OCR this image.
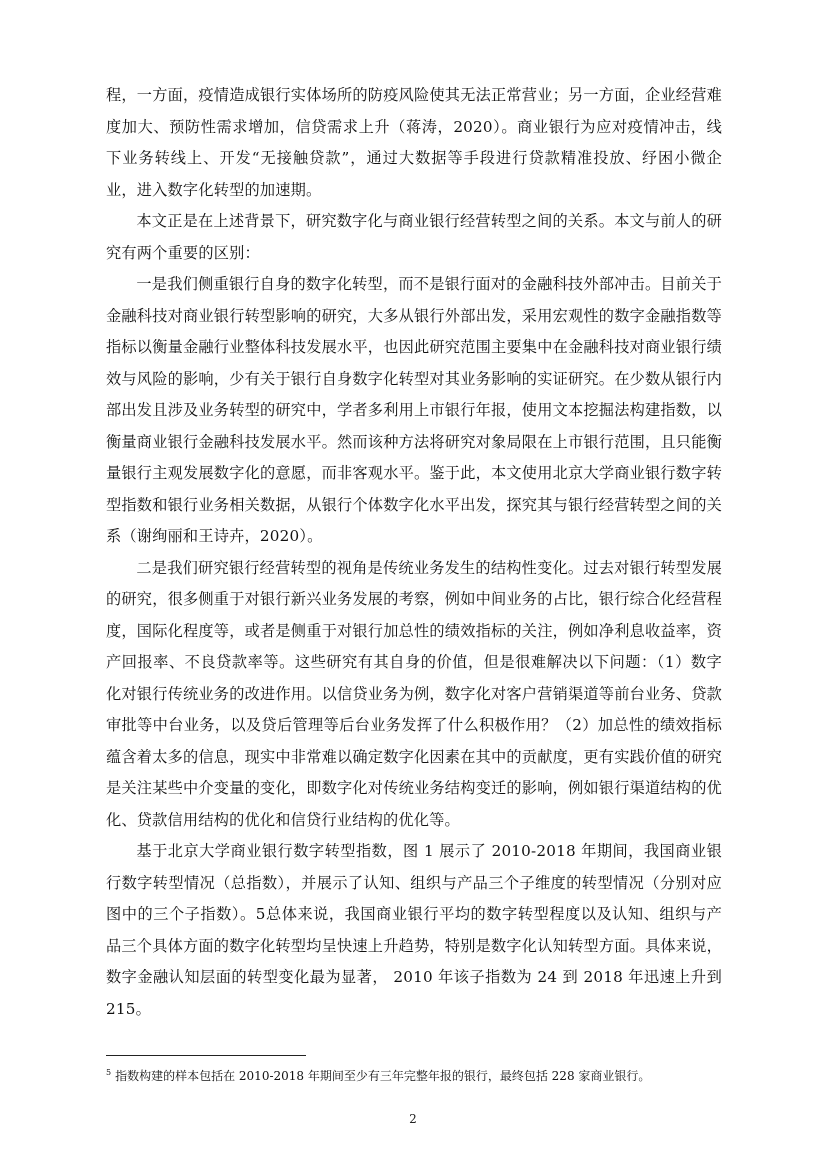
程，一方面，疫情造成银行实体场所的防疫风险使其无法正常营业；另一方面，企业经营难度加大、预防性需求增加，信贷需求上升（蒋涛，2020）。商业银行为应对疫情冲击，线下业务转线上、开发“无接触贷款”，通过大数据等手段进行贷款精准投放、纾困小微企业，进入数字化转型的加速期。

本文正是在上述背景下，研究数字化与商业银行经营转型之间的关系。本文与前人的研究有两个重要的区别：

一是我们侧重银行自身的数字化转型，而不是银行面对的金融科技外部冲击。目前关于金融科技对商业银行转型影响的研究，大多从银行外部出发，采用宏观性的数字金融指数等指标以衡量金融行业整体科技发展水平，也因此研究范围主要集中在金融科技对商业银行绩效与风险的影响，少有关于银行自身数字化转型对其业务影响的实证研究。在少数从银行内部出发且涉及业务转型的研究中，学者多利用上市银行年报，使用文本挖掘法构建指数，以衡量商业银行金融科技发展水平。然而该种方法将研究对象局限在上市银行范围，且只能衡量银行主观发展数字化的意愿，而非客观水平。鉴于此，本文使用北京大学商业银行数字转型指数和银行业务相关数据，从银行个体数字化水平出发，探究其与银行经营转型之间的关系（谢绚丽和王诗卉，2020）。

二是我们研究银行经营转型的视角是传统业务发生的结构性变化。过去对银行转型发展的研究，很多侧重于对银行新兴业务发展的考察，例如中间业务的占比，银行综合化经营程度，国际化程度等，或者是侧重于对银行加总性的绩效指标的关注，例如净利息收益率，资产回报率、不良贷款率等。这些研究有其自身的价值，但是很难解决以下问题：（1）数字化对银行传统业务的改进作用。以信贷业务为例，数字化对客户营销渠道等前台业务、贷款审批等中台业务，以及贷后管理等后台业务发挥了什么积极作用？（2）加总性的绩效指标蕴含着太多的信息，现实中非常难以确定数字化因素在其中的贡献度，更有实践价值的研究是关注某些中介变量的变化，即数字化对传统业务结构变迁的影响，例如银行渠道结构的优化、贷款信用结构的优化和信贷行业结构的优化等。

基于北京大学商业银行数字转型指数，图 1 展示了 2010-2018 年期间，我国商业银行数字转型情况（总指数），并展示了认知、组织与产品三个子维度的转型情况（分别对应图中的三个子指数）。5总体来说，我国商业银行平均的数字转型程度以及认知、组织与产品三个具体方面的数字化转型均呈快速上升趋势，特别是数字化认知转型方面。具体来说，数字金融认知层面的转型变化最为显著， 2010 年该子指数为 24 到 2018 年迅速上升到 215。

$^5$ 指数构建的样本包括在 2010-2018 年期间至少有三年完整年报的银行，最终包括 228 家商业银行。
2
